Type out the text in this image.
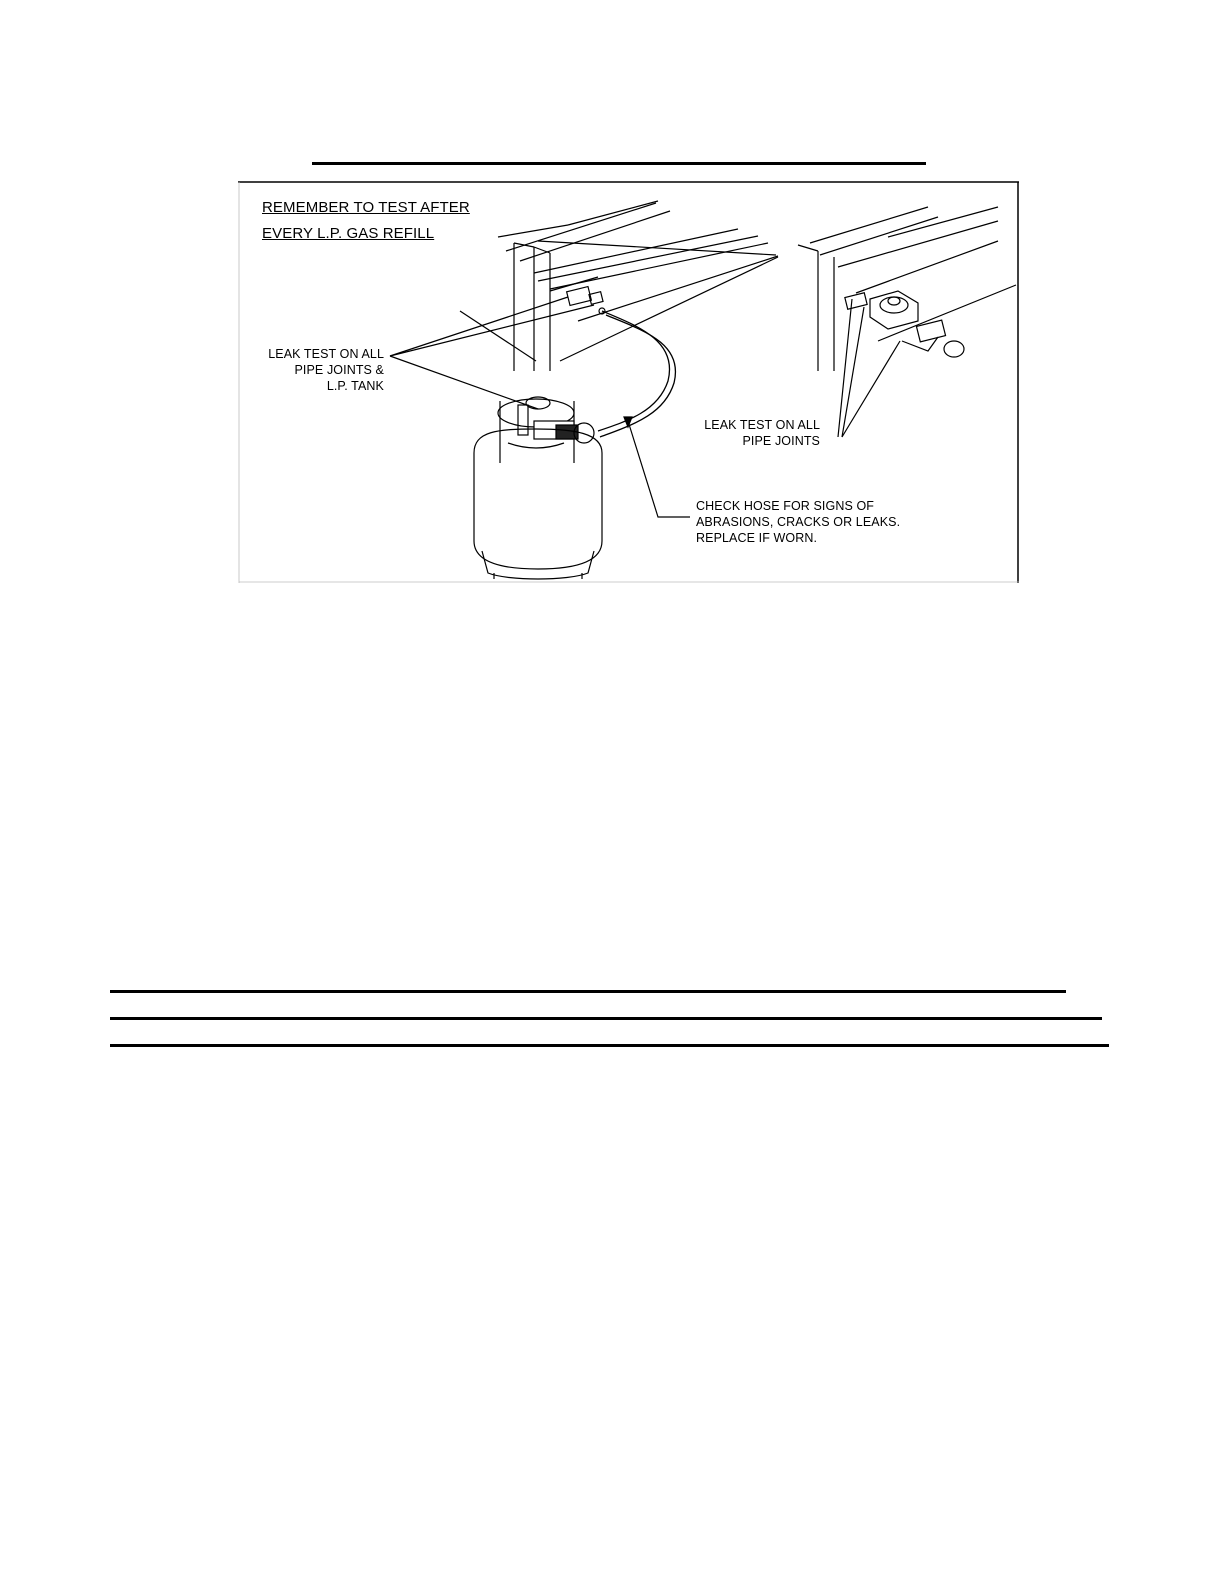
REMEMBER TO TEST AFTER
EVERY L.P. GAS REFILL
LEAK TEST ON ALL
PIPE JOINTS &
L.P. TANK
LEAK TEST ON ALL
PIPE JOINTS
CHECK HOSE FOR SIGNS OF
ABRASIONS, CRACKS OR LEAKS.
REPLACE IF WORN.
